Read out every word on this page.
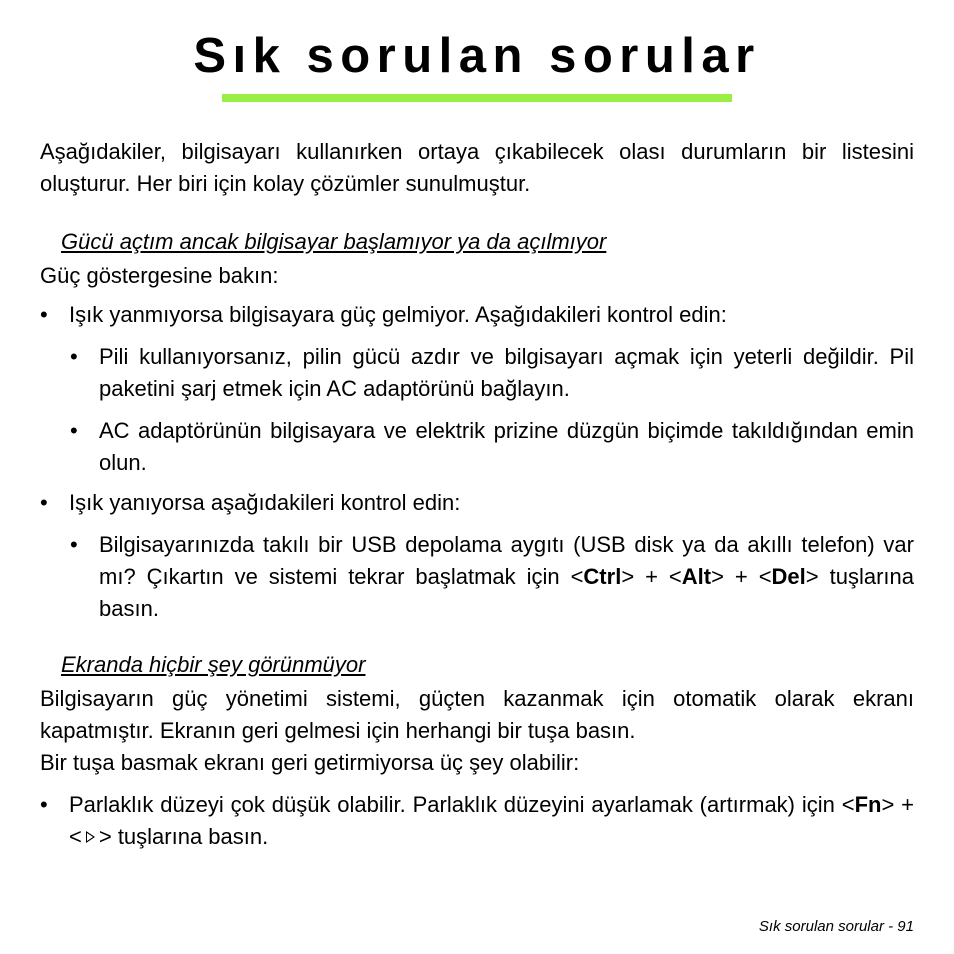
Sık sorulan sorular

Aşağıdakiler, bilgisayarı kullanırken ortaya çıkabilecek olası durumların bir listesini oluşturur. Her biri için kolay çözümler sunulmuştur.

Gücü açtım ancak bilgisayar başlamıyor ya da açılmıyor

Güç göstergesine bakın:

• Işık yanmıyorsa bilgisayara güç gelmiyor. Aşağıdakileri kontrol edin:
• Pili kullanıyorsanız, pilin gücü azdır ve bilgisayarı açmak için yeterli değildir. Pil paketini şarj etmek için AC adaptörünü bağlayın.
• AC adaptörünün bilgisayara ve elektrik prizine düzgün biçimde takıldığından emin olun.
• Işık yanıyorsa aşağıdakileri kontrol edin:
• Bilgisayarınızda takılı bir USB depolama aygıtı (USB disk ya da akıllı telefon) var mı? Çıkartın ve sistemi tekrar başlatmak için <Ctrl> + <Alt> + <Del> tuşlarına basın.

Ekranda hiçbir şey görünmüyor

Bilgisayarın güç yönetimi sistemi, güçten kazanmak için otomatik olarak ekranı kapatmıştır. Ekranın geri gelmesi için herhangi bir tuşa basın.

Bir tuşa basmak ekranı geri getirmiyorsa üç şey olabilir:

• Parlaklık düzeyi çok düşük olabilir. Parlaklık düzeyini ayarlamak (artırmak) için <Fn> + < > tuşlarına basın.
Sık sorulan sorular - 91
